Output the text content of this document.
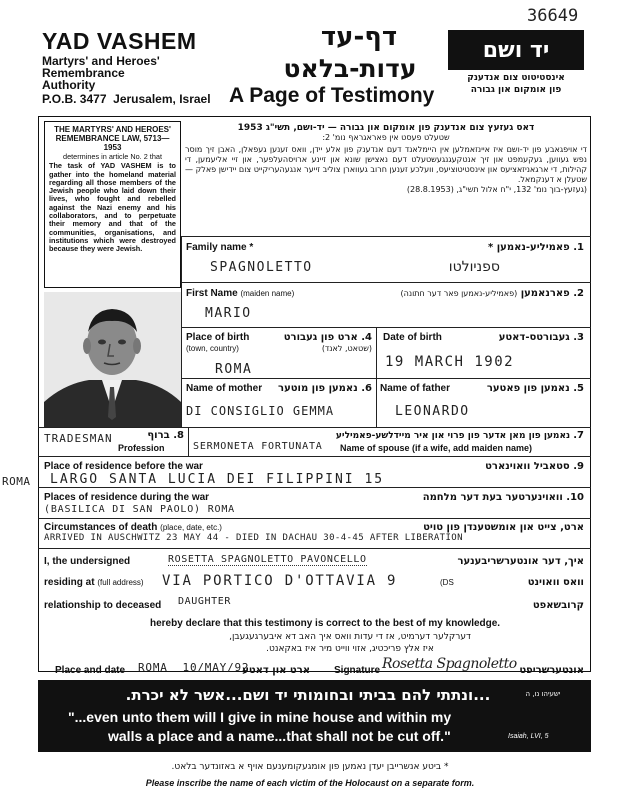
36649
YAD VASHEM
Martyrs' and Heroes'
Remembrance
Authority
P.O.B. 3477  Jerusalem, Israel A Page of Testimony
דף-עד
עדות-בלאט
יד ושם
אינסטיטוט צום אנדענק
פון אומקום און גבורה
THE MARTYRS' AND HEROES' REMEMBRANCE LAW, 5713—1953
determines in article No. 2 that
The task of YAD VASHEM is to gather into the homeland material regarding all those members of the Jewish people who laid down their lives, who fought and rebelled against the Nazi enemy and his collaborators, and to perpetuate their memory and that of the communities, organisations, and institutions which were destroyed because they were Jewish.
דאס געזעץ צום אנדענק פון אומקום און גבורה — יד-ושם, תשי"ג 1953
שטעלט פעסט אין פאראגראף נומ' 2:
די אויפגאבע פון יד-ושם איז איינזאמלען אין היימלאנד דעם אנדענק פון אלע יידן, וואס זענען געפאלן, האבן זיך מוסר נפש געווען, געקעמפט און זיך אנטקעגנגעשטעלט דעם נאצישן שונא און זיינע ארויסהעלפער, און זיי אליעמען, די קהילות, די ארגאניזאציעס און אינסטיטוציעס, וועלכע זענען חרוב געווארן צוליב זייער אנגעהעריקייט צום יידישן פאלק — שטעלן א דענקמאל.
(געזעץ-בוך נומ' 132, י"ח אלול תשי"ג, (28.8.1953)
Family name *	1. פאמיליע-נאמען *
SPAGNOLETTO	ספניולטו
First Name (maiden name)	2. פארנאמען (פאמיליע-נאמען פאר דער חתונה)
MARIO
Place of birth
(town, country)
4. ארט פון געבורט
(שטאט, לאנד)
ROMA
Date of birth	3. געבורטס-דאטע
19 MARCH 1902
Name of mother	6. נאמען פון מוטער
DI CONSIGLIO GEMMA
Name of father	5. נאמען פון פאטער
LEONARDO
TRADESMAN	8. ברוף
Profession
7. נאמען פון מאן אדער פון פרוי און איר מיידלשע-פאמיליע
SERMONETA FORTUNATA Name of spouse (if a wife, add maiden name)
ROMA
Place of residence before the war	9. סטאביל וואוינארט
LARGO SANTA LUCIA DEI FILIPPINI 15
Places of residence during the war	10. וואוינערטער בעת דער מלחמה
(BASILICA DI SAN PAOLO) ROMA
Circumstances of death (place, date, etc.)	ארט, צייט און אומשטענדן פון טויט
ARRIVED IN AUSCHWITZ 23 MAY 44 - DIED IN DACHAU 30-4-45 AFTER LIBERATION
I, the undersigned	ROSETTA SPAGNOLETTO PAVONCELLO	איך, דער אונטערשריבענער
residing at (full address) VIA PORTICO D'OTTAVIA 9	(DS	וואס וואוינט
relationship to deceased DAUGHTER	קרובשאפט
hereby declare that this testimony is correct to the best of my knowledge.
דערקלער דערמיט, אז די עדות וואס איך האב דא איבערגעגעבן,
איז אלץ פריכטיג, אזוי ווייט מיר איז באקאנט.
Place and date ROMA  10/MAY/92
ארט און דאטע Signature Rosetta Spagnoletto אונטערשריפט
...ונתתי להם בביתי ובחומותי יד ושם...אשר לא יכרת.	ישעיהו נו, ה
"...even unto them will I give in mine house and within my
walls a place and a name...that shall not be cut off."	Isaiah, LVI, 5
* ביטע אנשרייבן יעדן נאמען פון אומגעקומענעם אויף א באזונדער בלאט.
Please inscribe the name of each victim of the Holocaust on a separate form.
